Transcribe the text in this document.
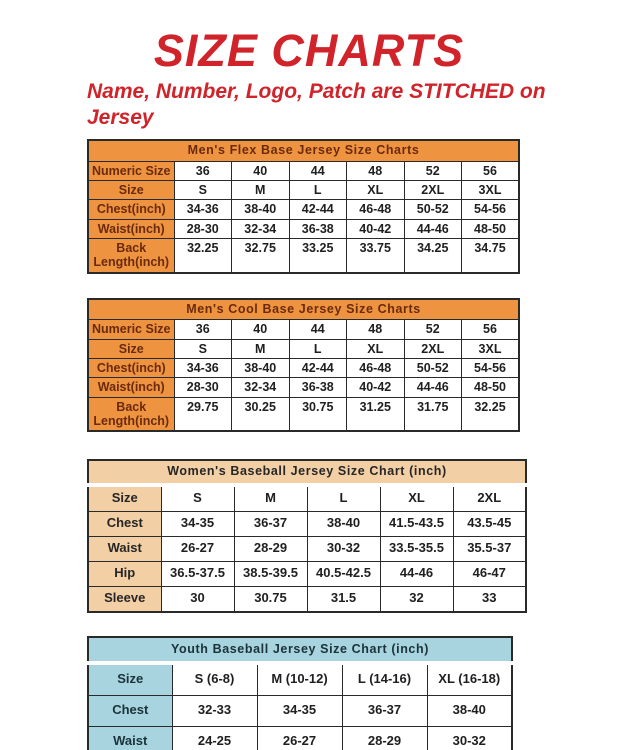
SIZE CHARTS
Name, Number, Logo, Patch are STITCHED on Jersey
Men's Flex Base Jersey Size Charts						
Numeric Size	36	40	44	48	52	56
Size	S	M	L	XL	2XL	3XL
Chest(inch)	34-36	38-40	42-44	46-48	50-52	54-56
Waist(inch)	28-30	32-34	36-38	40-42	44-46	48-50
Back Length(inch)	32.25	32.75	33.25	33.75	34.25	34.75
Men's Cool Base Jersey Size Charts						
Numeric Size	36	40	44	48	52	56
Size	S	M	L	XL	2XL	3XL
Chest(inch)	34-36	38-40	42-44	46-48	50-52	54-56
Waist(inch)	28-30	32-34	36-38	40-42	44-46	48-50
Back Length(inch)	29.75	30.25	30.75	31.25	31.75	32.25
Women's Baseball Jersey Size Chart (inch)					
Size	S	M	L	XL	2XL
Chest	34-35	36-37	38-40	41.5-43.5	43.5-45
Waist	26-27	28-29	30-32	33.5-35.5	35.5-37
Hip	36.5-37.5	38.5-39.5	40.5-42.5	44-46	46-47
Sleeve	30	30.75	31.5	32	33
Youth Baseball Jersey Size Chart (inch)				
Size	S (6-8)	M (10-12)	L (14-16)	XL (16-18)
Chest	32-33	34-35	36-37	38-40
Waist	24-25	26-27	28-29	30-32
